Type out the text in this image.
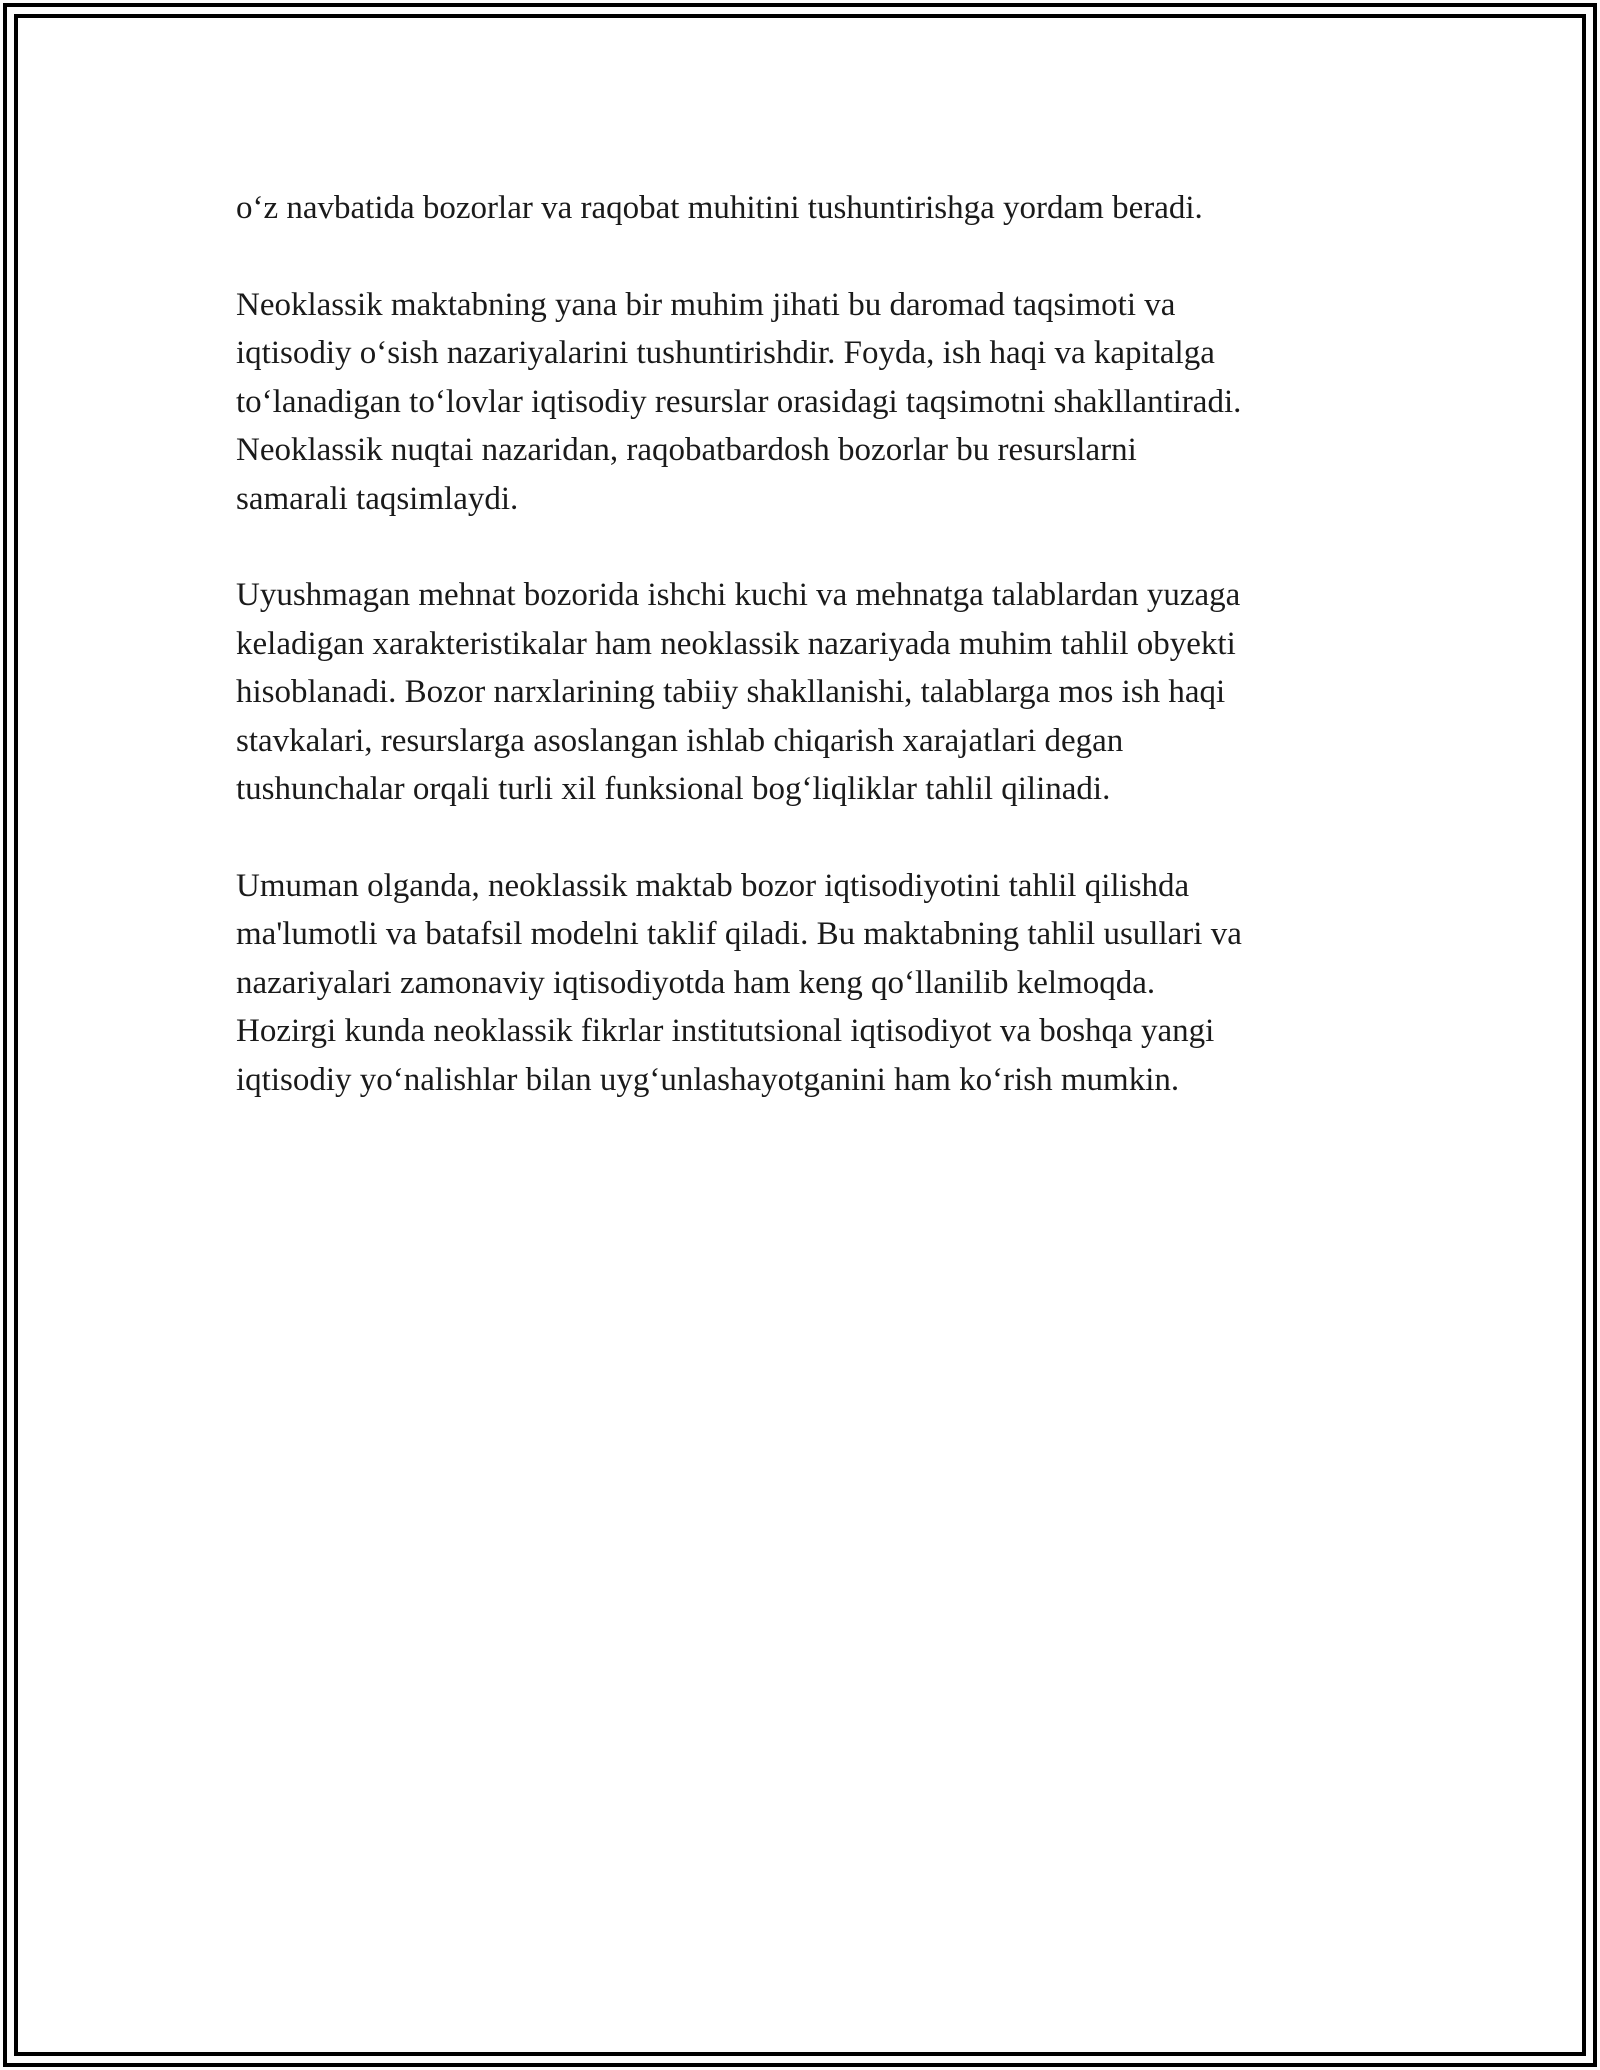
o‘z navbatida bozorlar va raqobat muhitini tushuntirishga yordam beradi.

Neoklassik maktabning yana bir muhim jihati bu daromad taqsimoti va
iqtisodiy o‘sish nazariyalarini tushuntirishdir. Foyda, ish haqi va kapitalga
to‘lanadigan to‘lovlar iqtisodiy resurslar orasidagi taqsimotni shakllantiradi.
Neoklassik nuqtai nazaridan, raqobatbardosh bozorlar bu resurslarni
samarali taqsimlaydi.

Uyushmagan mehnat bozorida ishchi kuchi va mehnatga talablardan yuzaga
keladigan xarakteristikalar ham neoklassik nazariyada muhim tahlil obyekti
hisoblanadi. Bozor narxlarining tabiiy shakllanishi, talablarga mos ish haqi
stavkalari, resurslarga asoslangan ishlab chiqarish xarajatlari degan
tushunchalar orqali turli xil funksional bog‘liqliklar tahlil qilinadi.

Umuman olganda, neoklassik maktab bozor iqtisodiyotini tahlil qilishda
ma'lumotli va batafsil modelni taklif qiladi. Bu maktabning tahlil usullari va
nazariyalari zamonaviy iqtisodiyotda ham keng qo‘llanilib kelmoqda.
Hozirgi kunda neoklassik fikrlar institutsional iqtisodiyot va boshqa yangi
iqtisodiy yo‘nalishlar bilan uyg‘unlashayotganini ham ko‘rish mumkin.
